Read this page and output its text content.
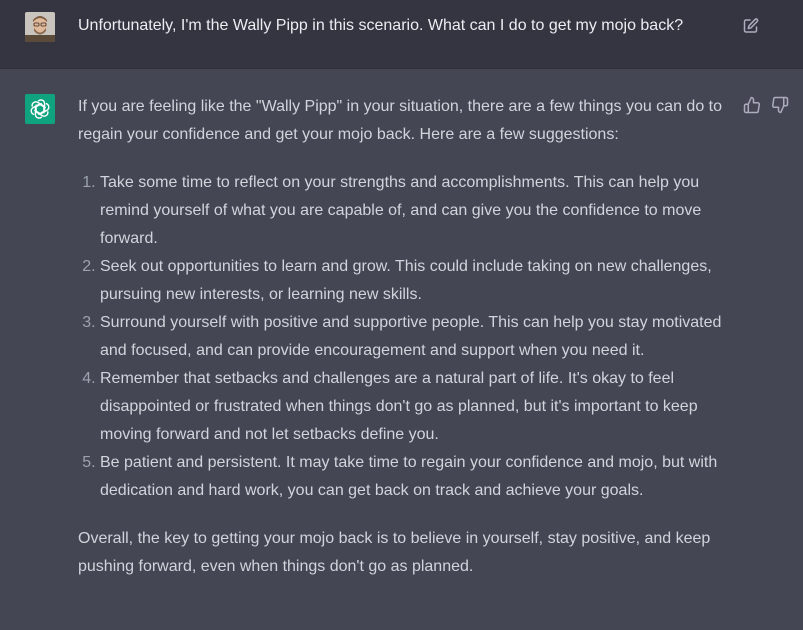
Unfortunately, I'm the Wally Pipp in this scenario. What can I do to get my mojo back?

If you are feeling like the "Wally Pipp" in your situation, there are a few things you can do to regain your confidence and get your mojo back. Here are a few suggestions:

1. Take some time to reflect on your strengths and accomplishments. This can help you remind yourself of what you are capable of, and can give you the confidence to move forward.
2. Seek out opportunities to learn and grow. This could include taking on new challenges, pursuing new interests, or learning new skills.
3. Surround yourself with positive and supportive people. This can help you stay motivated and focused, and can provide encouragement and support when you need it.
4. Remember that setbacks and challenges are a natural part of life. It's okay to feel disappointed or frustrated when things don't go as planned, but it's important to keep moving forward and not let setbacks define you.
5. Be patient and persistent. It may take time to regain your confidence and mojo, but with dedication and hard work, you can get back on track and achieve your goals.

Overall, the key to getting your mojo back is to believe in yourself, stay positive, and keep pushing forward, even when things don't go as planned.
